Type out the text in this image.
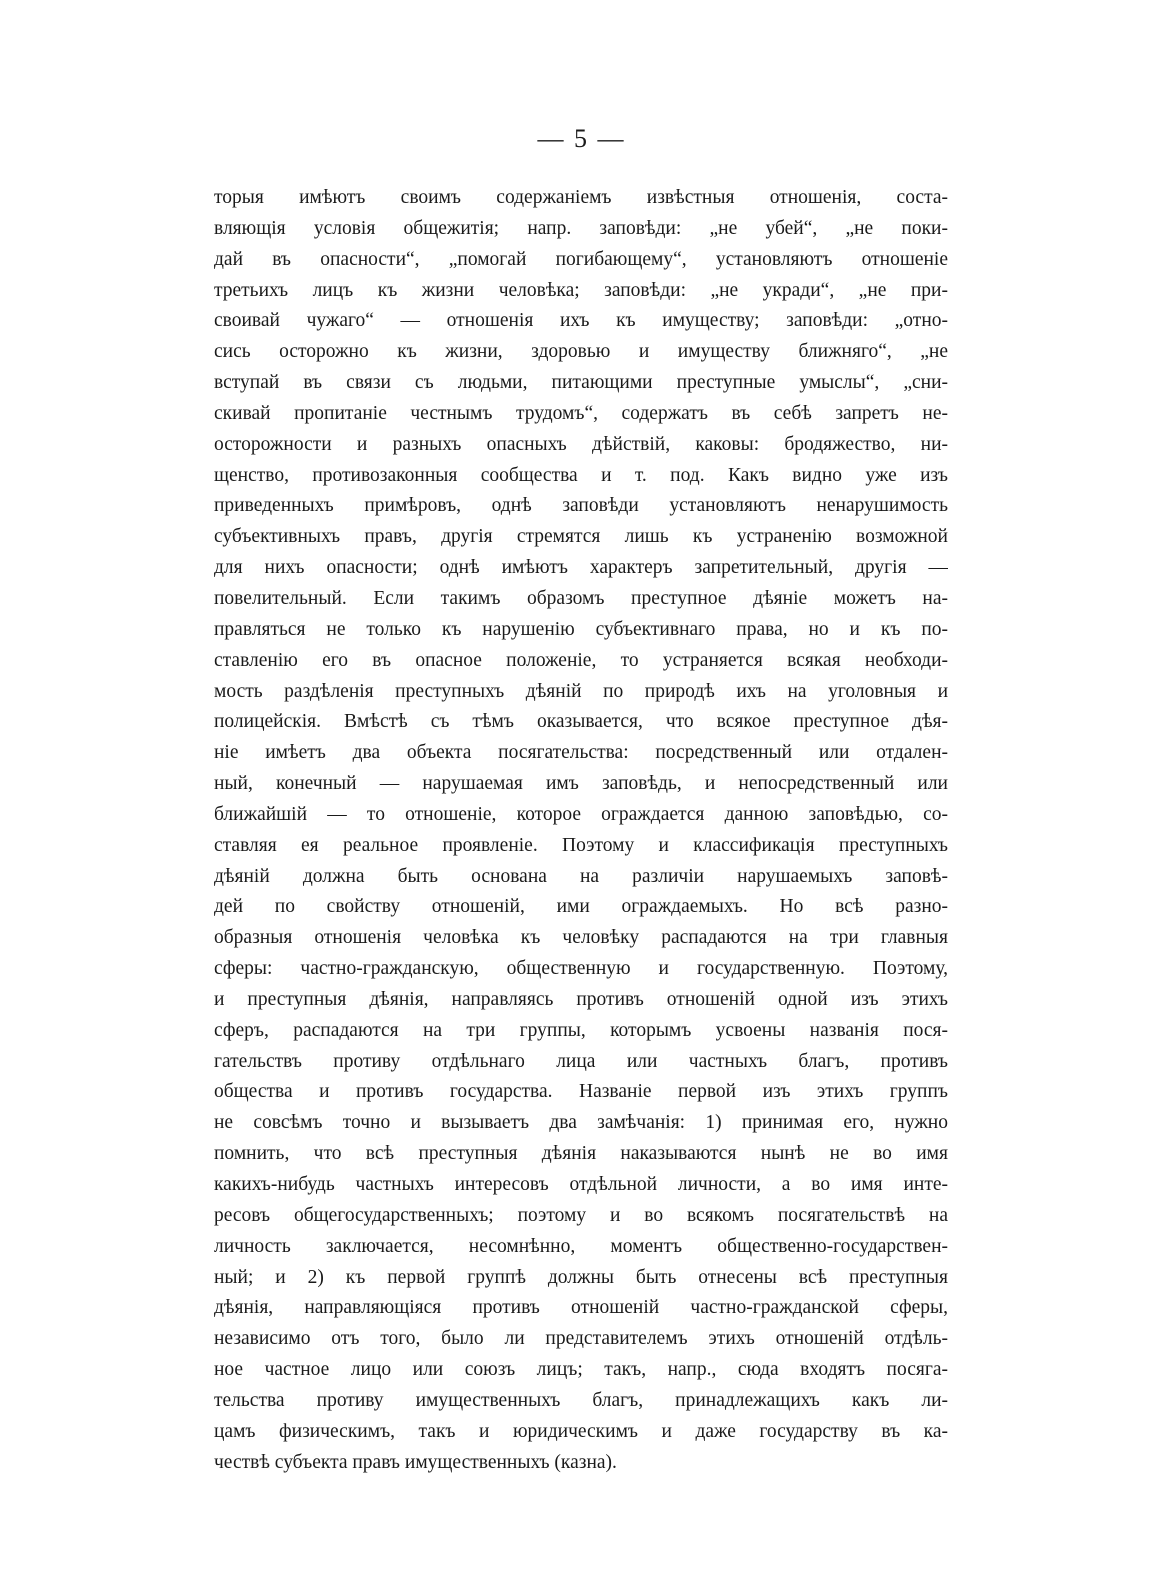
— 5 —
торыя имѣютъ своимъ содержаніемъ извѣстныя отношенія, соста-
вляющія условія общежитія; напр. заповѣди: „не убей“, „не поки-
дай въ опасности“, „помогай погибающему“, установляютъ отношеніе
третьихъ лицъ къ жизни человѣка; заповѣди: „не укради“, „не при-
своивай чужаго“ — отношенія ихъ къ имуществу; заповѣди: „отно-
сись осторожно къ жизни, здоровью и имуществу ближняго“, „не
вступай въ связи съ людьми, питающими преступные умыслы“, „сни-
скивай пропитаніе честнымъ трудомъ“, содержатъ въ себѣ запретъ не-
осторожности и разныхъ опасныхъ дѣйствій, каковы: бродяжество, ни-
щенство, противозаконныя сообщества и т. под. Какъ видно уже изъ
приведенныхъ примѣровъ, однѣ заповѣди установляютъ ненарушимость
субъективныхъ правъ, другія стремятся лишь къ устраненію возможной
для нихъ опасности; однѣ имѣютъ характеръ запретительный, другія —
повелительный. Если такимъ образомъ преступное дѣяніе можетъ на-
правляться не только къ нарушенію субъективнаго права, но и къ по-
ставленію его въ опасное положеніе, то устраняется всякая необходи-
мость раздѣленія преступныхъ дѣяній по природѣ ихъ на уголовныя и
полицейскія. Вмѣстѣ съ тѣмъ оказывается, что всякое преступное дѣя-
ніе имѣетъ два объекта посягательства: посредственный или отдален-
ный, конечный — нарушаемая имъ заповѣдь, и непосредственный или
ближайшій — то отношеніе, которое ограждается данною заповѣдью, со-
ставляя ея реальное проявленіе. Поэтому и классификація преступныхъ
дѣяній должна быть основана на различіи нарушаемыхъ заповѣ-
дей по свойству отношеній, ими ограждаемыхъ. Но всѣ разно-
образныя отношенія человѣка къ человѣку распадаются на три главныя
сферы: частно-гражданскую, общественную и государственную. Поэтому,
и преступныя дѣянія, направляясь противъ отношеній одной изъ этихъ
сферъ, распадаются на три группы, которымъ усвоены названія пося-
гательствъ противу отдѣльнаго лица или частныхъ благъ, противъ
общества и противъ государства. Названіе первой изъ этихъ группъ
не совсѣмъ точно и вызываетъ два замѣчанія: 1) принимая его, нужно
помнить, что всѣ преступныя дѣянія наказываются нынѣ не во имя
какихъ-нибудь частныхъ интересовъ отдѣльной личности, а во имя инте-
ресовъ общегосударственныхъ; поэтому и во всякомъ посягательствѣ на
личность заключается, несомнѣнно, моментъ общественно-государствен-
ный; и 2) къ первой группѣ должны быть отнесены всѣ преступныя
дѣянія, направляющіяся противъ отношеній частно-гражданской сферы,
независимо отъ того, было ли представителемъ этихъ отношеній отдѣль-
ное частное лицо или союзъ лицъ; такъ, напр., сюда входятъ посяга-
тельства противу имущественныхъ благъ, принадлежащихъ какъ ли-
цамъ физическимъ, такъ и юридическимъ и даже государству въ ка-
чествѣ субъекта правъ имущественныхъ (казна).
